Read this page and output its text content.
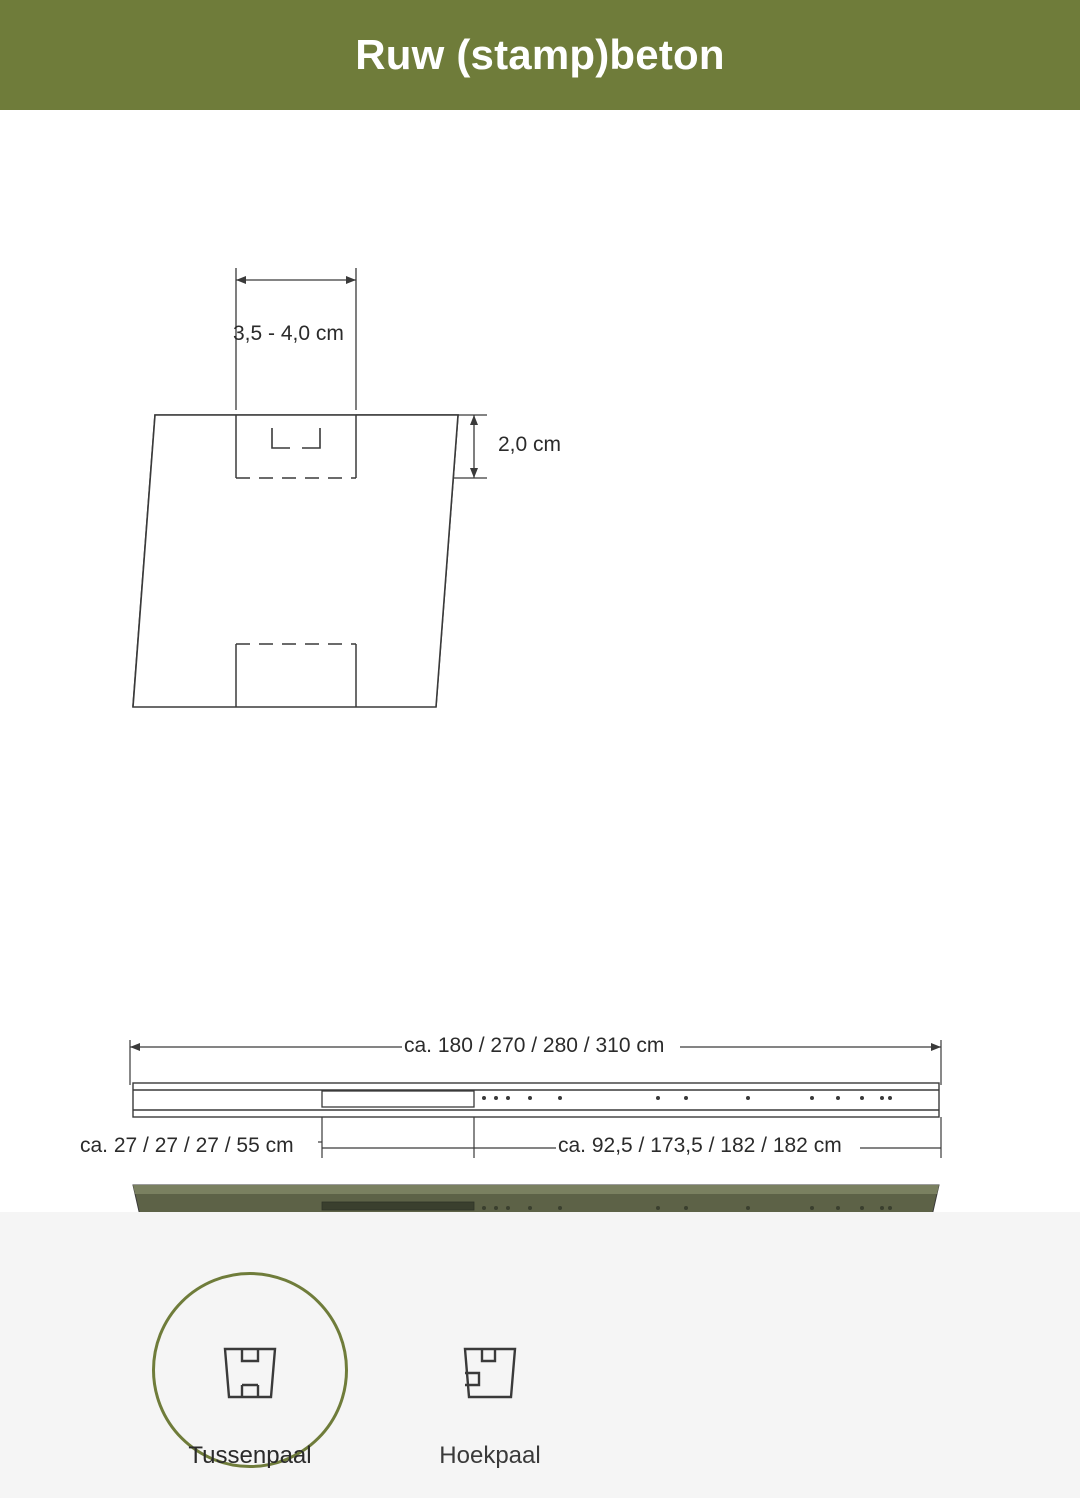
Ruw (stamp)beton
3,5 - 4,0 cm
2,0 cm
ca. 180 / 270 / 280 / 310 cm
ca. 27 / 27 / 27 / 55 cm	ca. 92,5 / 173,5 / 182 / 182 cm
Tussenpaal	Hoekpaal
